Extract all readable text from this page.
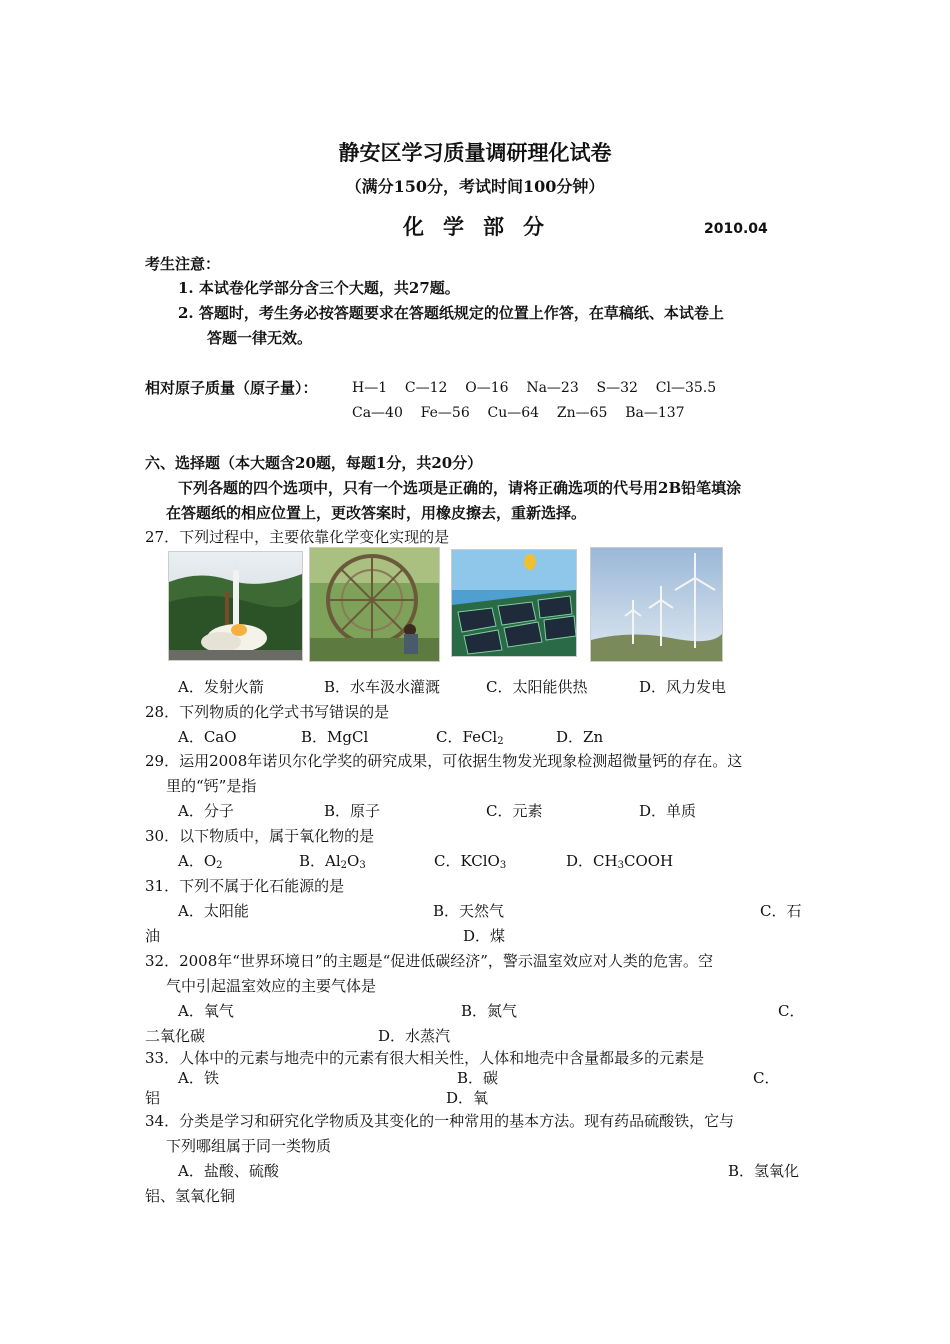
静安区学习质量调研理化试卷
（满分150分，考试时间100分钟）
化学部分	2010.04
考生注意：
1. 本试卷化学部分含三个大题，共27题。
2. 答题时，考生务必按答题要求在答题纸规定的位置上作答，在草稿纸、本试卷上
答题一律无效。
相对原子质量（原子量）： H—1    C—12    O—16    Na—23    S—32    Cl—35.5
Ca—40    Fe—56    Cu—64    Zn—65    Ba—137
六、选择题（本大题含20题，每题1分，共20分）
下列各题的四个选项中，只有一个选项是正确的，请将正确选项的代号用2B铅笔填涂
在答题纸的相应位置上，更改答案时，用橡皮擦去，重新选择。
27．下列过程中，主要依靠化学变化实现的是
A．发射火箭	B．水车汲水灌溉	C．太阳能供热	D．风力发电
28．下列物质的化学式书写错误的是
A．CaO	B．MgCl	C．FeCl$_2$	D．Zn
29．运用2008年诺贝尔化学奖的研究成果，可依据生物发光现象检测超微量钙的存在。这
里的“钙”是指
A．分子	B．原子	C．元素	D．单质
30．以下物质中，属于氧化物的是
A．$O_2$	B．$Al_2O_3$	C．KClO$_3$	D．$CH_3COOH$
31．下列不属于化石能源的是
A．太阳能	B．天然气	C．石
油	D．煤
32．2008年“世界环境日”的主题是“促进低碳经济”，警示温室效应对人类的危害。空
气中引起温室效应的主要气体是
A．氧气	B．氮气	C．
二氧化碳	D．水蒸汽
33．人体中的元素与地壳中的元素有很大相关性，人体和地壳中含量都最多的元素是
A．铁	B．碳	C．
铝	D．氧
34．分类是学习和研究化学物质及其变化的一种常用的基本方法。现有药品硫酸铁，它与
下列哪组属于同一类物质
A．盐酸、硫酸	B．氢氧化
铝、氢氧化铜
